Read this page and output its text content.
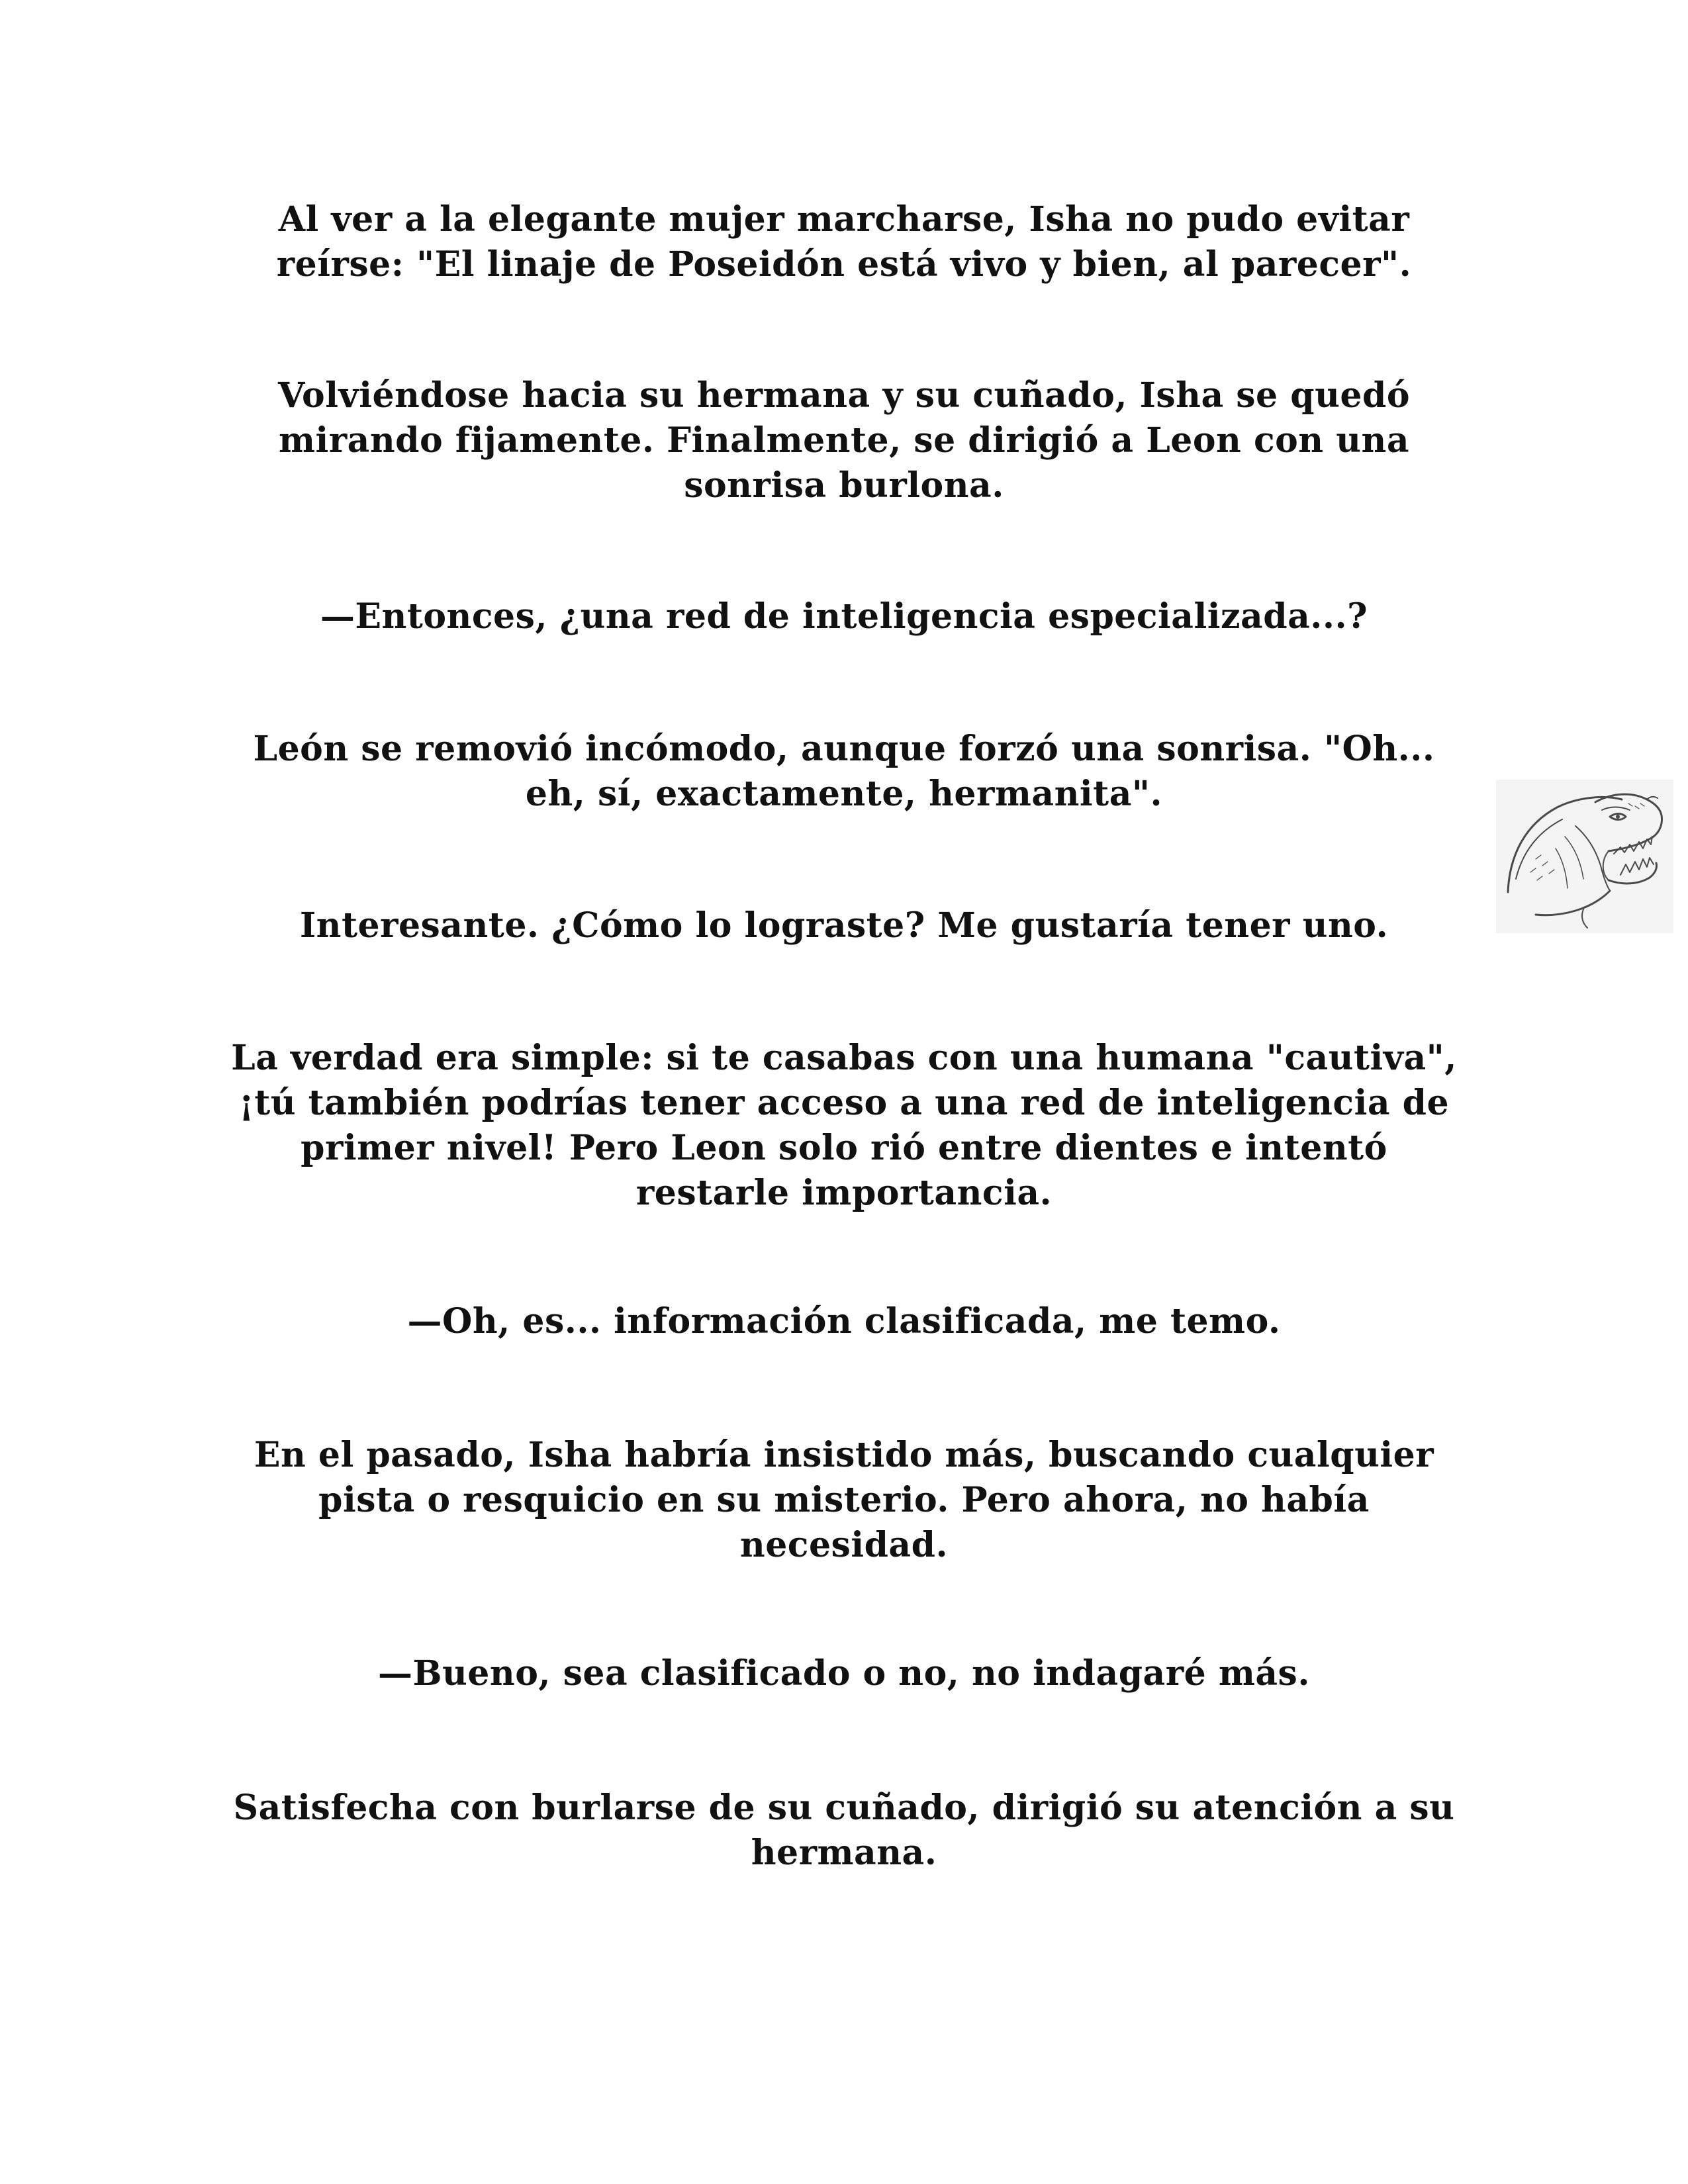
Al ver a la elegante mujer marcharse, Isha no pudo evitar
reírse: "El linaje de Poseidón está vivo y bien, al parecer".

Volviéndose hacia su hermana y su cuñado, Isha se quedó
mirando fijamente. Finalmente, se dirigió a Leon con una
sonrisa burlona.

—Entonces, ¿una red de inteligencia especializada...?

León se removió incómodo, aunque forzó una sonrisa. "Oh...
eh, sí, exactamente, hermanita".

Interesante. ¿Cómo lo lograste? Me gustaría tener uno.

La verdad era simple: si te casabas con una humana "cautiva",
¡tú también podrías tener acceso a una red de inteligencia de
primer nivel! Pero Leon solo rió entre dientes e intentó
restarle importancia.

—Oh, es... información clasificada, me temo.

En el pasado, Isha habría insistido más, buscando cualquier
pista o resquicio en su misterio. Pero ahora, no había
necesidad.

—Bueno, sea clasificado o no, no indagaré más.

Satisfecha con burlarse de su cuñado, dirigió su atención a su
hermana.
